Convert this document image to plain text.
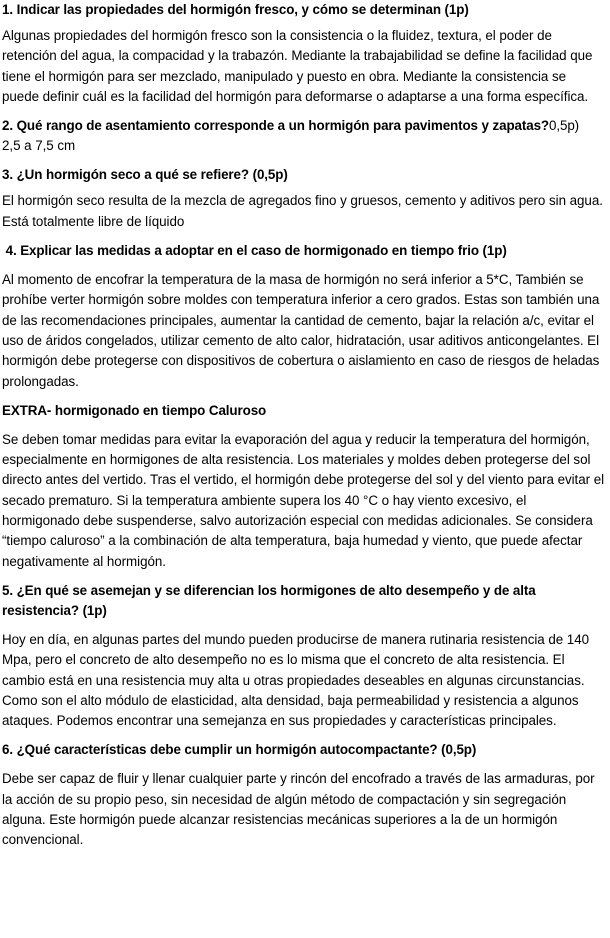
1. Indicar las propiedades del hormigón fresco, y cómo se determinan (1p)

Algunas propiedades del hormigón fresco son la consistencia o la fluidez, textura, el poder de retención del agua, la compacidad y la trabazón. Mediante la trabajabilidad se define la facilidad que tiene el hormigón para ser mezclado, manipulado y puesto en obra. Mediante la consistencia se puede definir cuál es la facilidad del hormigón para deformarse o adaptarse a una forma específica.

2. Qué rango de asentamiento corresponde a un hormigón para pavimentos y zapatas?0,5p)

2,5 a 7,5 cm

3. ¿Un hormigón seco a qué se refiere? (0,5p)

El hormigón seco resulta de la mezcla de agregados fino y gruesos, cemento y aditivos pero sin agua. Está totalmente libre de líquido

4. Explicar las medidas a adoptar en el caso de hormigonado en tiempo frio (1p)

Al momento de encofrar la temperatura de la masa de hormigón no será inferior a 5*C, También se prohíbe verter hormigón sobre moldes con temperatura inferior a cero grados. Estas son también una de las recomendaciones principales, aumentar la cantidad de cemento, bajar la relación a/c, evitar el uso de áridos congelados, utilizar cemento de alto calor, hidratación, usar aditivos anticongelantes. El hormigón debe protegerse con dispositivos de cobertura o aislamiento en caso de riesgos de heladas prolongadas.

EXTRA- hormigonado en tiempo Caluroso

Se deben tomar medidas para evitar la evaporación del agua y reducir la temperatura del hormigón, especialmente en hormigones de alta resistencia. Los materiales y moldes deben protegerse del sol directo antes del vertido. Tras el vertido, el hormigón debe protegerse del sol y del viento para evitar el secado prematuro. Si la temperatura ambiente supera los 40 °C o hay viento excesivo, el hormigonado debe suspenderse, salvo autorización especial con medidas adicionales. Se considera “tiempo caluroso” a la combinación de alta temperatura, baja humedad y viento, que puede afectar negativamente al hormigón.

5. ¿En qué se asemejan y se diferencian los hormigones de alto desempeño y de alta resistencia? (1p)

Hoy en día, en algunas partes del mundo pueden producirse de manera rutinaria resistencia de 140 Mpa, pero el concreto de alto desempeño no es lo misma que el concreto de alta resistencia. El cambio está en una resistencia muy alta u otras propiedades deseables en algunas circunstancias. Como son el alto módulo de elasticidad, alta densidad, baja permeabilidad y resistencia a algunos ataques. Podemos encontrar una semejanza en sus propiedades y características principales.

6. ¿Qué características debe cumplir un hormigón autocompactante? (0,5p)

Debe ser capaz de fluir y llenar cualquier parte y rincón del encofrado a través de las armaduras, por la acción de su propio peso, sin necesidad de algún método de compactación y sin segregación alguna. Este hormigón puede alcanzar resistencias mecánicas superiores a la de un hormigón convencional.
